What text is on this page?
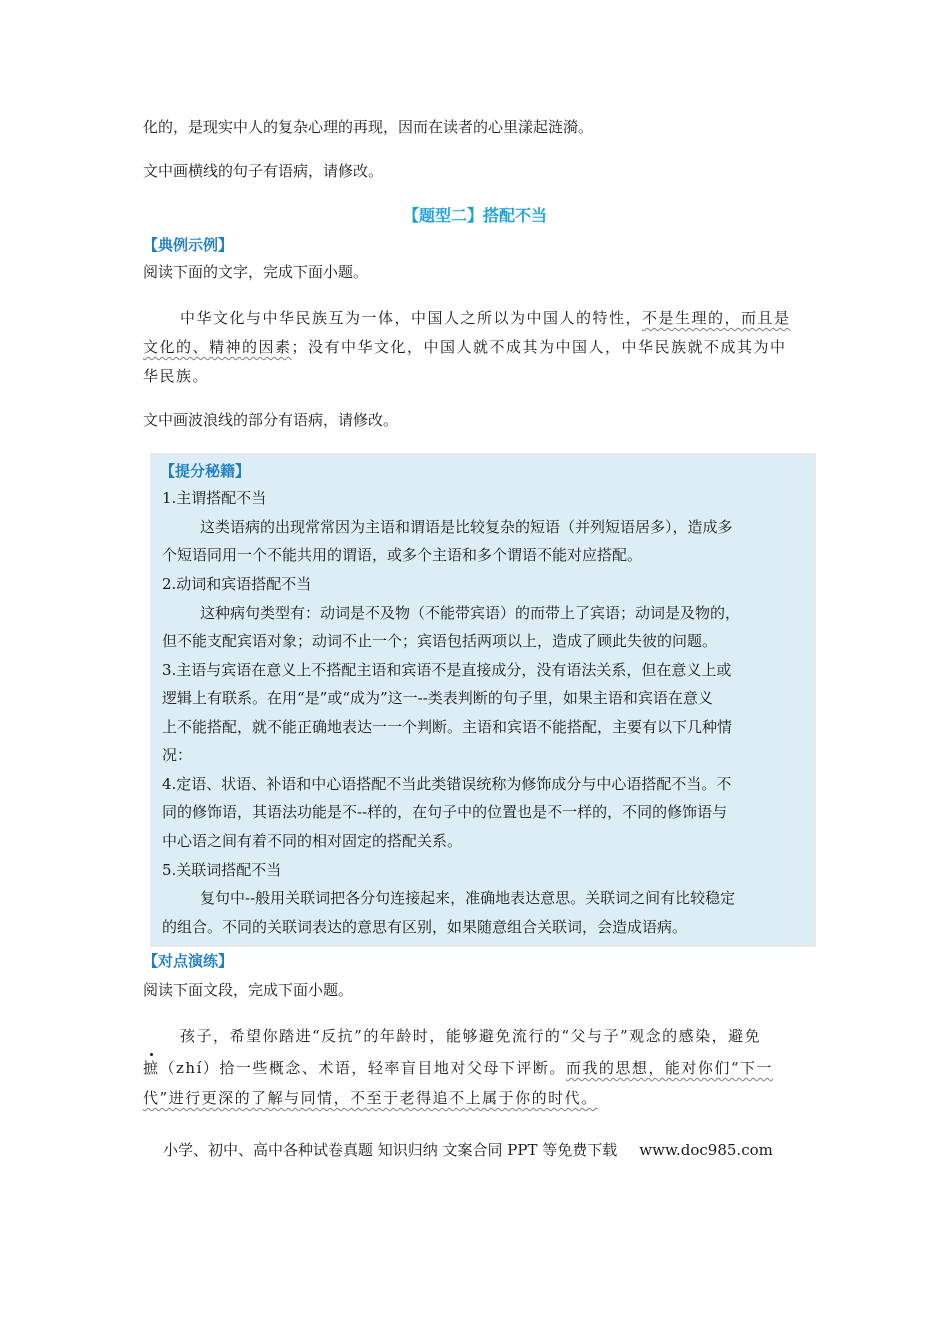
化的，是现实中人的复杂心理的再现，因而在读者的心里漾起涟漪。
文中画横线的句子有语病，请修改。
【题型二】搭配不当
【典例示例】
阅读下面的文字，完成下面小题。
中华文化与中华民族互为一体，中国人之所以为中国人的特性，不是生理的，而且是
文化的、精神的因素；没有中华文化，中国人就不成其为中国人，中华民族就不成其为中
华民族。
文中画波浪线的部分有语病，请修改。
【提分秘籍】
1.主谓搭配不当
这类语病的出现常常因为主语和谓语是比较复杂的短语（并列短语居多），造成多
个短语同用一个不能共用的谓语，或多个主语和多个谓语不能对应搭配。
2.动词和宾语搭配不当
这种病句类型有：动词是不及物（不能带宾语）的而带上了宾语；动词是及物的，
但不能支配宾语对象；动词不止一个；宾语包括两项以上，造成了顾此失彼的问题。
3.主语与宾语在意义上不搭配主语和宾语不是直接成分，没有语法关系，但在意义上或
逻辑上有联系。在用“是”或“成为”这一--类表判断的句子里，如果主语和宾语在意义
上不能搭配，就不能正确地表达一一个判断。主语和宾语不能搭配，主要有以下几种情
况：
4.定语、状语、补语和中心语搭配不当此类错误统称为修饰成分与中心语搭配不当。不
同的修饰语，其语法功能是不--样的，在句子中的位置也是不一样的，不同的修饰语与
中心语之间有着不同的相对固定的搭配关系。
5.关联词搭配不当
复句中--般用关联词把各分句连接起来，准确地表达意思。关联词之间有比较稳定
的组合。不同的关联词表达的意思有区别，如果随意组合关联词，会造成语病。
【对点演练】
阅读下面文段，完成下面小题。
孩子，希望你踏进“反抗”的年龄时，能够避免流行的“父与子”观念的感染，避免
摭（zhí）拾一些概念、术语，轻率盲目地对父母下评断。而我的思想，能对你们“下一
代”进行更深的了解与同情，不至于老得追不上属于你的时代。
小学、初中、高中各种试卷真题 知识归纳 文案合同 PPT 等免费下载 www.doc985.com
